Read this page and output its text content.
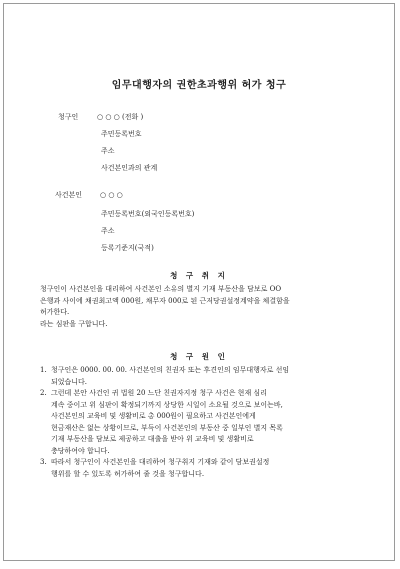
임무대행자의 권한초과행위 허가 청구
청구인	○ ○ ○ (전화 )
주민등록번호
주소
사건본인과의 관계
사건본인	○ ○ ○
주민등록번호(외국인등록번호)
주소
등록기준지(국적)
청 구 취 지
청구인이 사건본인을 대리하여 사건본인 소유의 별지 기재 부동산을 담보로 OO
은행과 사이에 채권최고액 000원, 채무자 000로 된 근저당권설정계약을 체결함을
허가한다.
라는 심판을 구합니다.
청 구 원 인
1. 청구인은 0000. 00. 00. 사건본인의 친권자 또는 후견인의 임무대행자로 선임
되었습니다.
2. 그런데 본안 사건인 귀 법원 20 느단 친권자지정 청구 사건은 현재 심리
계속 중이고 위 심판이 확정되기까지 상당한 시일이 소요될 것으로 보이는바,
사건본인의 교육비 및 생활비로 총 000원이 필요하고 사건본인에게
현금재산은 없는 상황이므로, 부득이 사건본인의 부동산 중 일부인 별지 목록
기재 부동산을 담보로 제공하고 대출을 받아 위 교육비 및 생활비로
충당하여야 합니다.
3. 따라서 청구인이 사건본인을 대리하여 청구취지 기재와 같이 담보권설정
행위를 할 수 있도록 허가하여 줄 것을 청구합니다.
